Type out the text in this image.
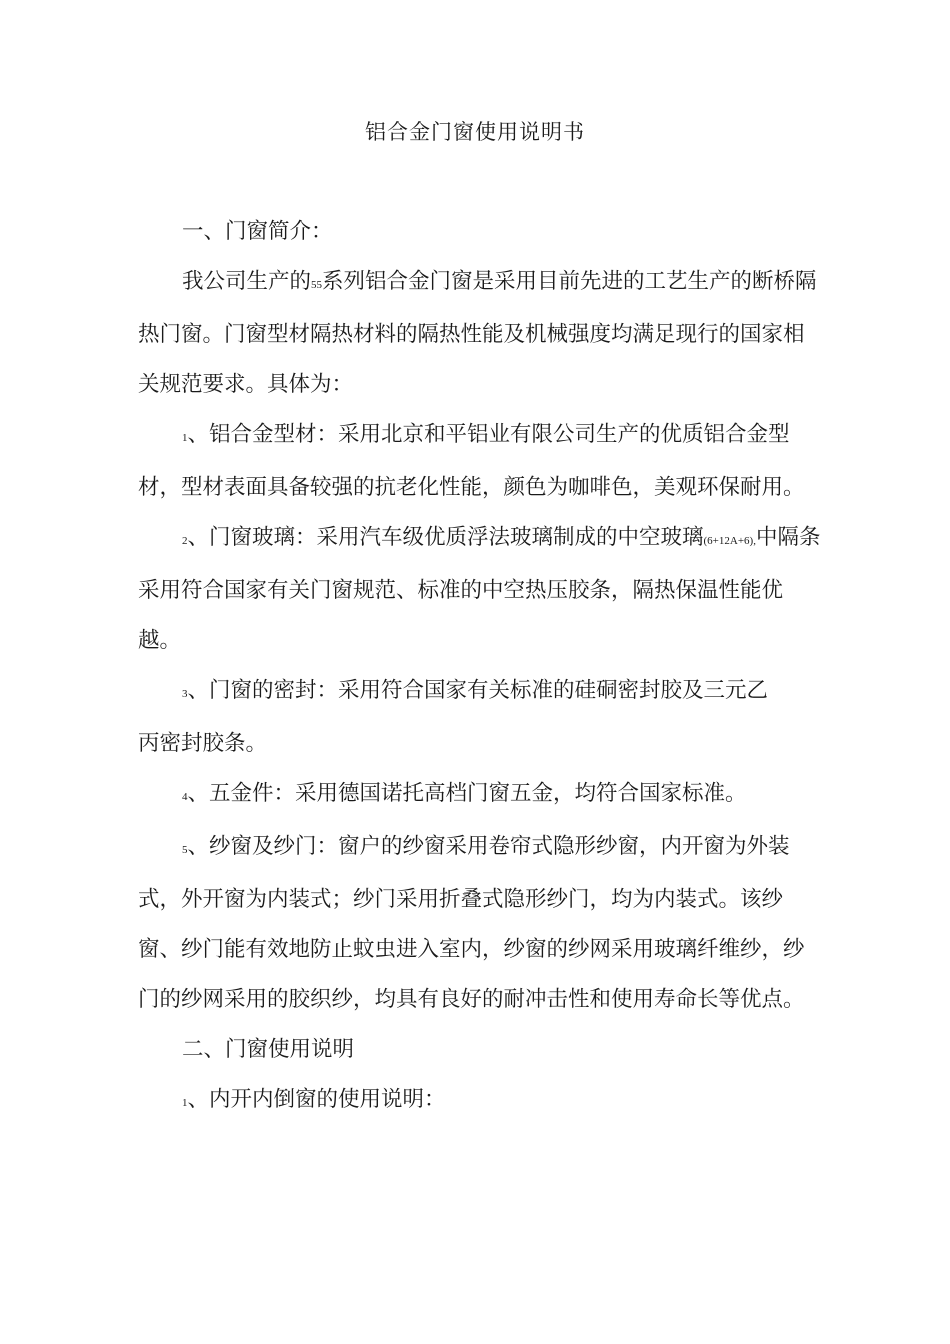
铝合金门窗使用说明书

一、门窗简介：

我公司生产的55系列铝合金门窗是采用目前先进的工艺生产的断桥隔热门窗。门窗型材隔热材料的隔热性能及机械强度均满足现行的国家相关规范要求。具体为：

1、铝合金型材：采用北京和平铝业有限公司生产的优质铝合金型材，型材表面具备较强的抗老化性能，颜色为咖啡色，美观环保耐用。

2、门窗玻璃：采用汽车级优质浮法玻璃制成的中空玻璃(6+12A+6),中隔条采用符合国家有关门窗规范、标准的中空热压胶条，隔热保温性能优越。

3、门窗的密封：采用符合国家有关标准的硅硐密封胶及三元乙

丙密封胶条。

4、五金件：采用德国诺托高档门窗五金，均符合国家标准。

5、纱窗及纱门：窗户的纱窗采用卷帘式隐形纱窗，内开窗为外装式，外开窗为内装式；纱门采用折叠式隐形纱门，均为内装式。该纱窗、纱门能有效地防止蚊虫进入室内，纱窗的纱网采用玻璃纤维纱，纱门的纱网采用的胶织纱，均具有良好的耐冲击性和使用寿命长等优点。

二、门窗使用说明

1、内开内倒窗的使用说明：
